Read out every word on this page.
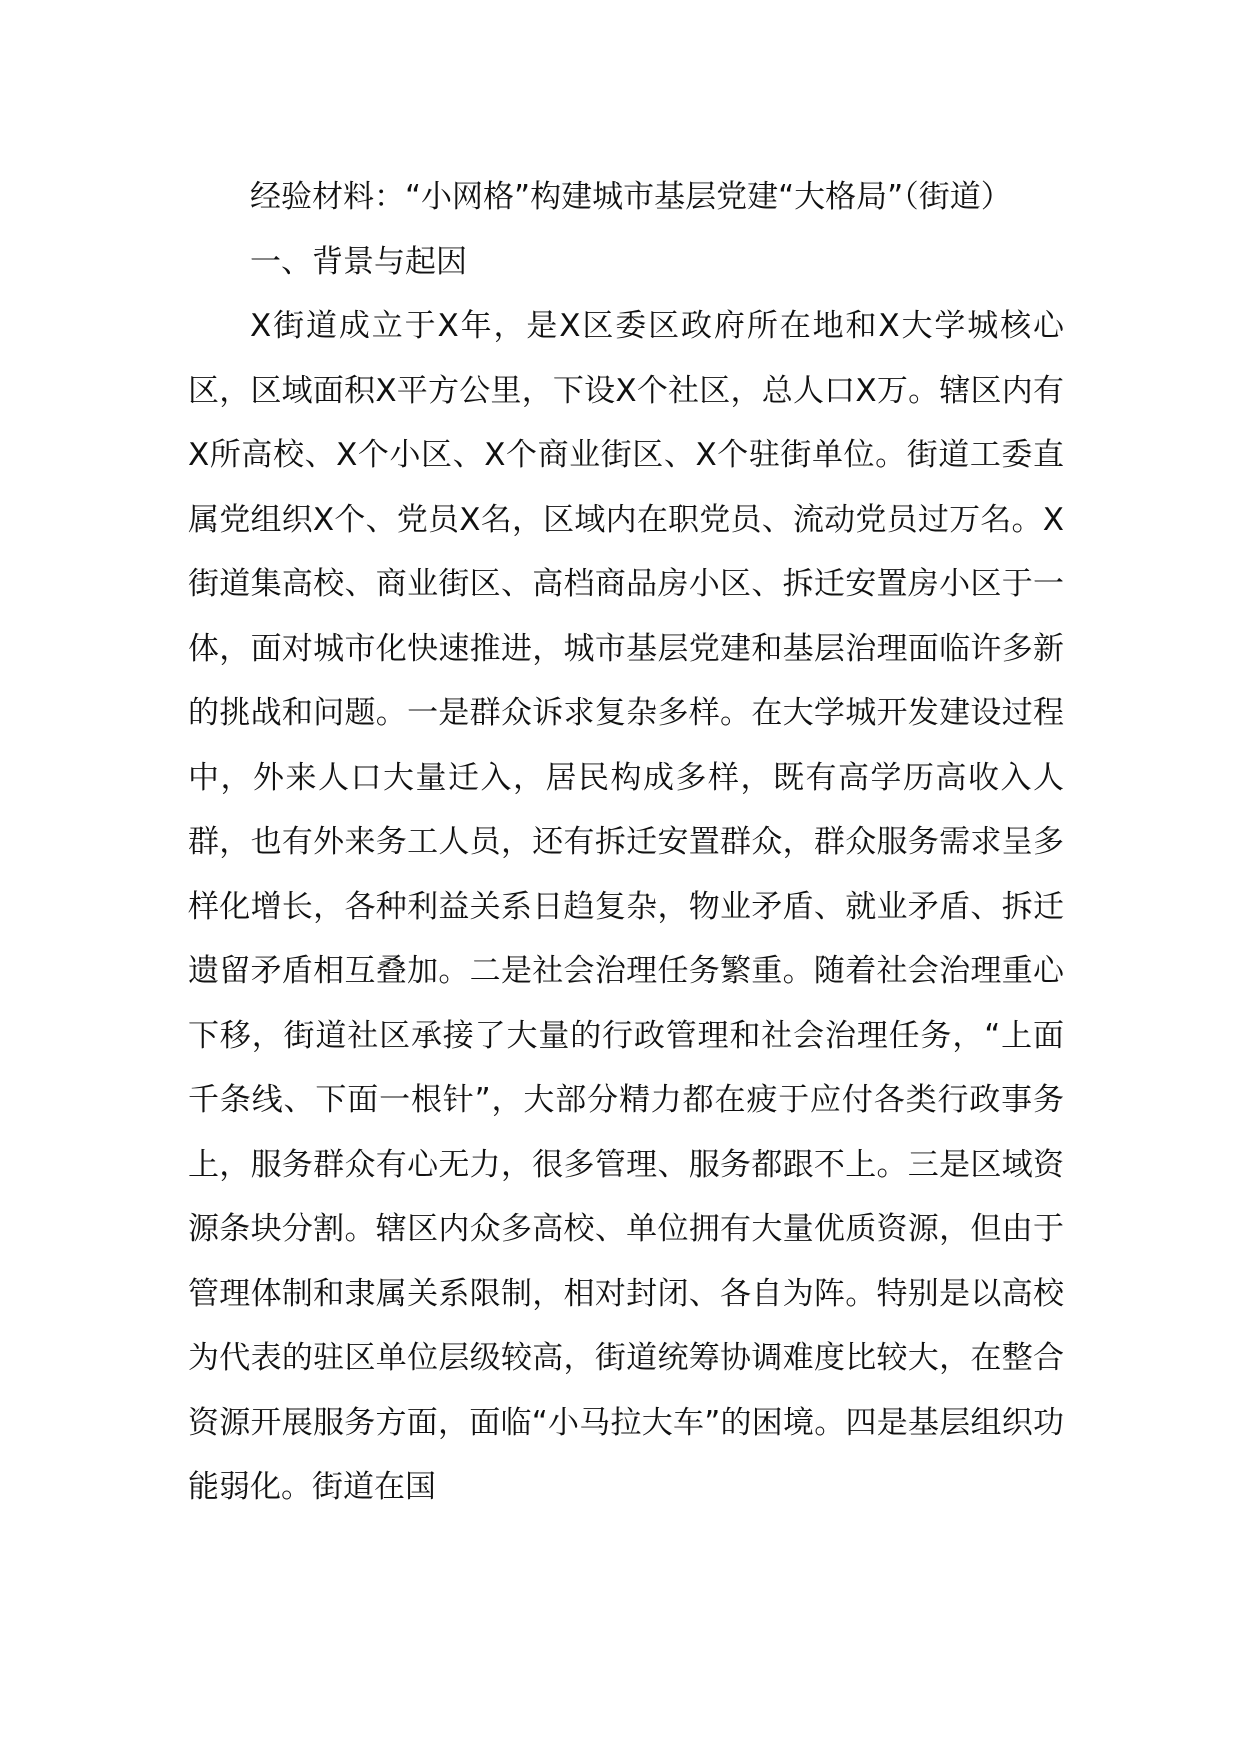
经验材料：“小网格”构建城市基层党建“大格局”（街道）

一、背景与起因

X街道成立于X年，是X区委区政府所在地和X大学城核心区，区域面积X平方公里，下设X个社区，总人口X万。辖区内有X所高校、X个小区、X个商业街区、X个驻街单位。街道工委直属党组织X个、党员X名，区域内在职党员、流动党员过万名。X街道集高校、商业街区、高档商品房小区、拆迁安置房小区于一体，面对城市化快速推进，城市基层党建和基层治理面临许多新的挑战和问题。一是群众诉求复杂多样。在大学城开发建设过程中，外来人口大量迁入，居民构成多样，既有高学历高收入人群，也有外来务工人员，还有拆迁安置群众，群众服务需求呈多样化增长，各种利益关系日趋复杂，物业矛盾、就业矛盾、拆迁遗留矛盾相互叠加。二是社会治理任务繁重。随着社会治理重心下移，街道社区承接了大量的行政管理和社会治理任务，“上面千条线、下面一根针”，大部分精力都在疲于应付各类行政事务上，服务群众有心无力，很多管理、服务都跟不上。三是区域资源条块分割。辖区内众多高校、单位拥有大量优质资源，但由于管理体制和隶属关系限制，相对封闭、各自为阵。特别是以高校为代表的驻区单位层级较高，街道统筹协调难度比较大，在整合资源开展服务方面，面临“小马拉大车”的困境。四是基层组织功能弱化。街道在国
